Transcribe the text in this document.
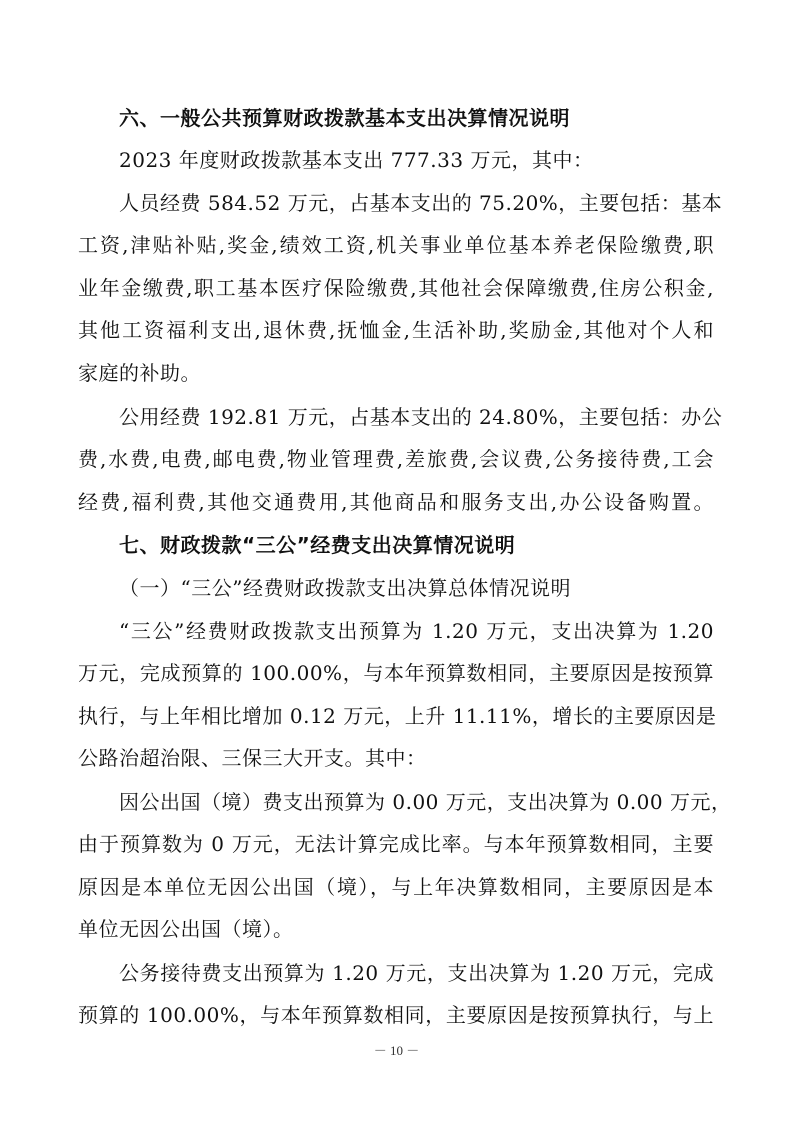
六、一般公共预算财政拨款基本支出决算情况说明
2023 年度财政拨款基本支出 777.33 万元，其中：
人员经费 584.52 万元，占基本支出的 75.20%，主要包括：基本
工资,津贴补贴,奖金,绩效工资,机关事业单位基本养老保险缴费,职
业年金缴费,职工基本医疗保险缴费,其他社会保障缴费,住房公积金,
其他工资福利支出,退休费,抚恤金,生活补助,奖励金,其他对个人和
家庭的补助。
公用经费 192.81 万元，占基本支出的 24.80%，主要包括：办公
费,水费,电费,邮电费,物业管理费,差旅费,会议费,公务接待费,工会
经费,福利费,其他交通费用,其他商品和服务支出,办公设备购置。
七、财政拨款“三公”经费支出决算情况说明
（一）“三公”经费财政拨款支出决算总体情况说明
“三公”经费财政拨款支出预算为 1.20 万元，支出决算为 1.20
万元，完成预算的 100.00%，与本年预算数相同，主要原因是按预算
执行，与上年相比增加 0.12 万元，上升 11.11%，增长的主要原因是
公路治超治限、三保三大开支。其中：
因公出国（境）费支出预算为 0.00 万元，支出决算为 0.00 万元，
由于预算数为 0 万元，无法计算完成比率。与本年预算数相同，主要
原因是本单位无因公出国（境），与上年决算数相同，主要原因是本
单位无因公出国（境）。
公务接待费支出预算为 1.20 万元，支出决算为 1.20 万元，完成
预算的 100.00%，与本年预算数相同，主要原因是按预算执行，与上
－ 10 －
